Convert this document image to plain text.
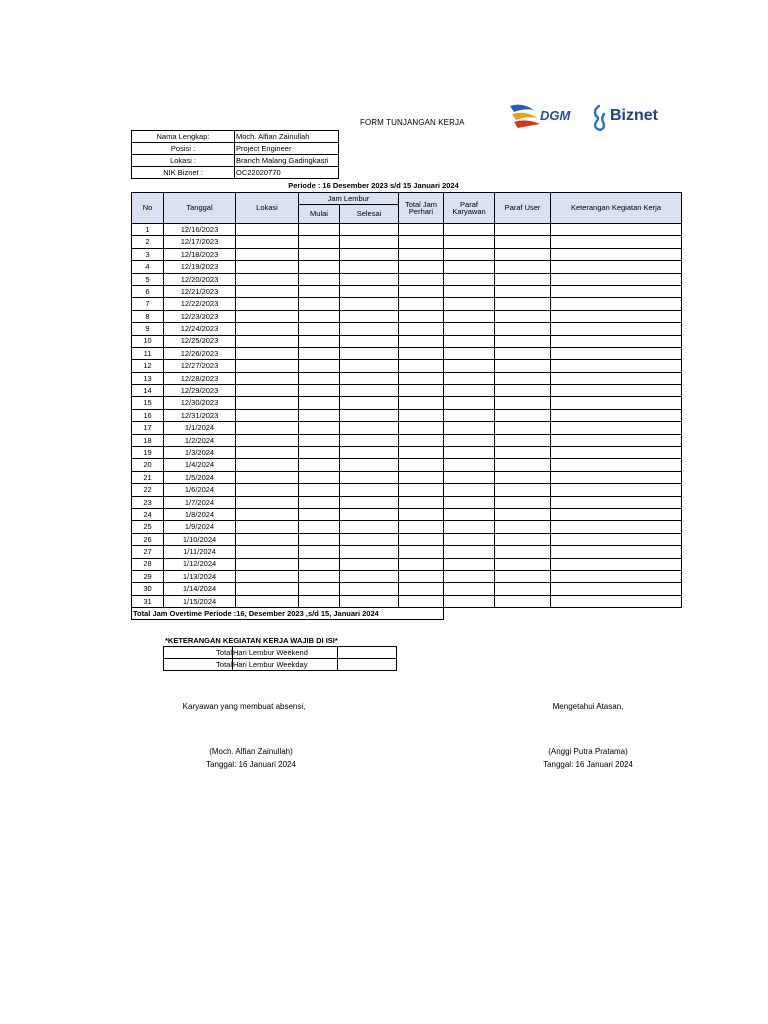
FORM TUNJANGAN KERJA	DGM Biznet
Nama Lengkap:	Moch. Alfian Zainullah
Posisi :	Project Engineer
Lokasi :	Branch Malang Gadingkasri
NIK Biznet :	OC22020770
Periode : 16 Desember 2023 s/d 15 Januari 2024
No	Tanggal	Lokasi	Jam Lembur		Total Jam Perhari	Paraf Karyawan	Paraf User	Keterangan Kegiatan Kerja
			Mulai	Selesai				
1	12/16/2023							
2	12/17/2023							
3	12/18/2023							
4	12/19/2023							
5	12/20/2023							
6	12/21/2023							
7	12/22/2023							
8	12/23/2023							
9	12/24/2023							
10	12/25/2023							
11	12/26/2023							
12	12/27/2023							
13	12/28/2023							
14	12/29/2023							
15	12/30/2023							
16	12/31/2023							
17	1/1/2024							
18	1/2/2024							
19	1/3/2024							
20	1/4/2024							
21	1/5/2024							
22	1/6/2024							
23	1/7/2024							
24	1/8/2024							
25	1/9/2024							
26	1/10/2024							
27	1/11/2024							
28	1/12/2024							
29	1/13/2024							
30	1/14/2024							
31	1/15/2024							
Total Jam Overtime Periode :16, Desember 2023 ,s/d 15, Januari 2024								
*KETERANGAN KEGIATAN KERJA WAJIB DI ISI*
Total	Hari Lembur Weekend	
Total	Hari Lembur Weekday	
Karyawan yang membuat absensi,
(Moch. Alfian Zainullah)
Tanggal: 16 Januari 2024
Mengetahui Atasan,
(Anggi Putra Pratama)
Tanggal: 16 Januari 2024
